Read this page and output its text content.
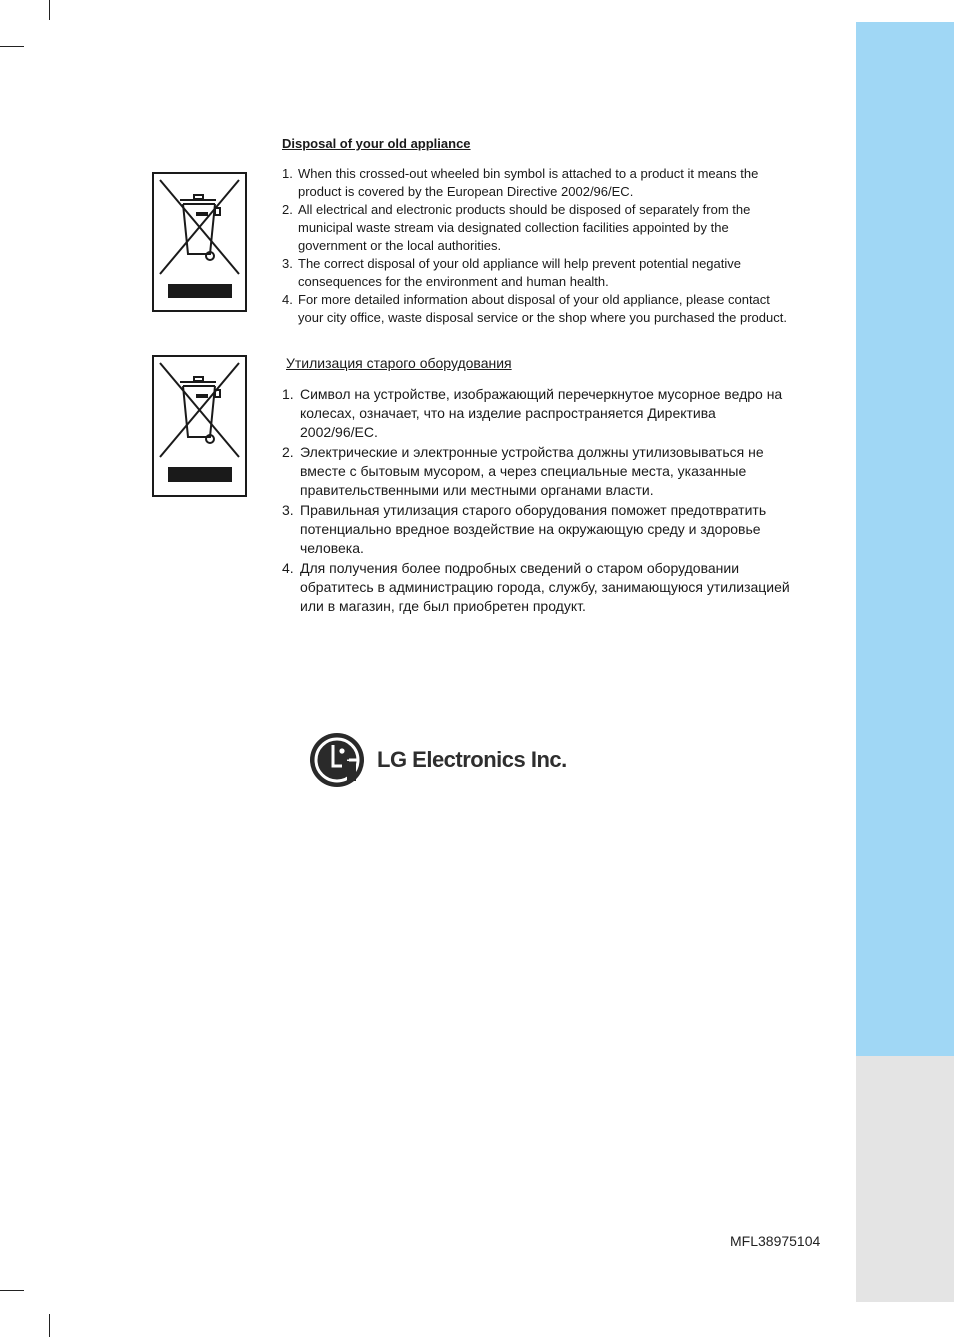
Disposal of your old appliance
1. When this crossed-out wheeled bin symbol is attached to a product it means the product is covered by the European Directive 2002/96/EC.
2. All electrical and electronic products should be disposed of separately from the municipal waste stream via designated collection facilities appointed by the government or the local authorities.
3. The correct disposal of your old appliance will help prevent potential negative consequences for the environment and human health.
4. For more detailed information about disposal of your old appliance, please contact your city office, waste disposal service or the shop where you purchased the product.
Утилизация старого оборудования
1. Символ на устройстве, изображающий перечеркнутое мусорное ведро на колесах, означает, что на изделие распространяется Директива 2002/96/EC.
2. Электрические и электронные устройства должны утилизовываться не вместе с бытовым мусором, а через специальные места, указанные правительственными или местными органами власти.
3. Правильная утилизация старого оборудования поможет предотвратить потенциально вредное воздействие на окружающую среду и здоровье человека.
4. Для получения более подробных сведений о старом оборудовании обратитесь в администрацию города, службу, занимающуюся утилизацией или в магазин, где был приобретен продукт.
LG Electronics Inc.
MFL38975104
